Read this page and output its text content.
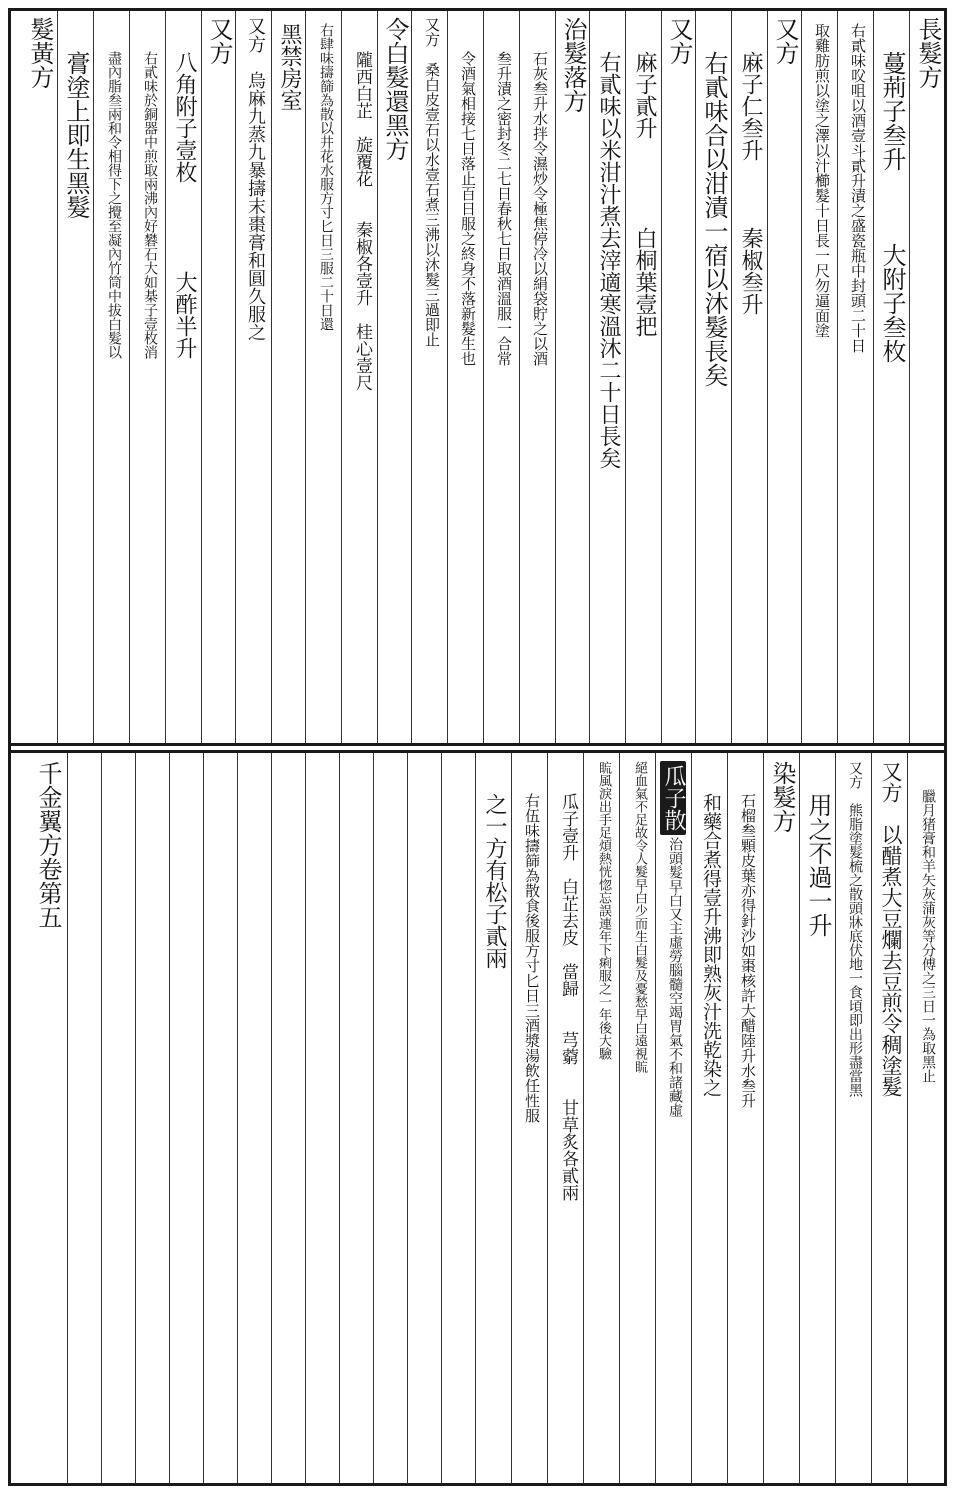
長髮方
蔓荊子叁升　　　大附子叁枚
右貳味㕮咀以酒壹斗貳升漬之盛瓷瓶中封頭二十日
取雞肪煎以塗之澤以汁櫛髮十日長一尺勿逼面塗
又方
麻子仁叁升　　　秦椒叁升
右貳味合以泔漬一宿以沐髮長矣
又方
麻子貳升　　　　白桐葉壹把
右貳味以米泔汁煮去滓適寒溫沐二十日長矣
治髮落方
石灰叁升水拌令濕炒令極焦停冷以絹袋貯之以酒
叁升漬之密封冬二七日春秋七日取酒溫服一合常
令酒氣相接七日落止百日服之終身不落新髮生也
又方　桑白皮壹石以水壹石煮三沸以沐髮三過即止
令白髮還黑方
隴西白芷　旋覆花　　秦椒各壹升　桂心壹尺
右肆味擣篩為散以井花水服方寸匕日三服二十日還
黑禁房室
又方　烏麻九蒸九暴擣末棗膏和圓久服之
又方
八角附子壹枚　　　　大酢半升
右貳味於銅器中煎取兩沸內好礬石大如棊子壹枚消
盡內脂叁兩和令相得下之攪至凝內竹筒中拔白髮以
膏塗上即生黑髮
髮黃方
臘月猪膏和羊矢灰蒲灰等分傅之三日一為取黑止
又方　以醋煮大豆爛去豆煎令稠塗髮
又方　熊脂塗髮梳之散頭牀底伏地一食頃即出形盡當黑
用之不過一升
染髮方
石榴叁顆皮葉亦得針沙如棗核許大醋陸升水叁升
和藥合煮得壹升沸即熟灰汁洗乾染之
瓜子散
治頭髮早白又主虛勞腦髓空竭胃氣不和諸藏虛
絕血氣不足故令人髮早白少而生白髮及憂愁早白遠視䀮
䀮風淚出手足煩熱恍惚忘誤連年下痢服之一年後大驗
瓜子壹升　白芷去皮　當歸　　芎藭　　甘草炙各貳兩
右伍味擣篩為散食後服方寸匕日三酒漿湯飲任性服
之一方有松子貳兩
千金翼方卷第五
